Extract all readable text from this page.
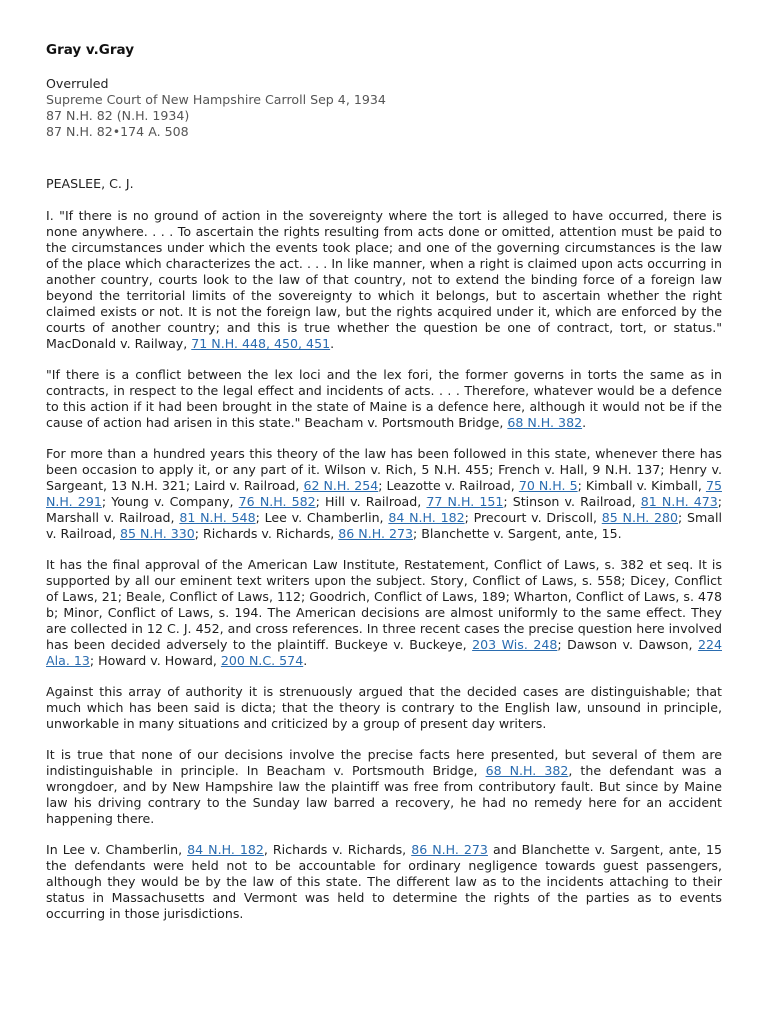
Gray v.Gray
Overruled
Supreme Court of New Hampshire Carroll Sep 4, 1934
87 N.H. 82 (N.H. 1934)
87 N.H. 82•174 A. 508
PEASLEE, C. J.

I. "If there is no ground of action in the sovereignty where the tort is alleged to have occurred, there is none anywhere. . . . To ascertain the rights resulting from acts done or omitted, attention must be paid to the circumstances under which the events took place; and one of the governing circumstances is the law of the place which characterizes the act. . . . In like manner, when a right is claimed upon acts occurring in another country, courts look to the law of that country, not to extend the binding force of a foreign law beyond the territorial limits of the sovereignty to which it belongs, but to ascertain whether the right claimed exists or not. It is not the foreign law, but the rights acquired under it, which are enforced by the courts of another country; and this is true whether the question be one of contract, tort, or status." MacDonald v. Railway, 71 N.H. 448, 450, 451.

"If there is a conflict between the lex loci and the lex fori, the former governs in torts the same as in contracts, in respect to the legal effect and incidents of acts. . . . Therefore, whatever would be a defence to this action if it had been brought in the state of Maine is a defence here, although it would not be if the cause of action had arisen in this state." Beacham v. Portsmouth Bridge, 68 N.H. 382.

For more than a hundred years this theory of the law has been followed in this state, whenever there has been occasion to apply it, or any part of it. Wilson v. Rich, 5 N.H. 455; French v. Hall, 9 N.H. 137; Henry v. Sargeant, 13 N.H. 321; Laird v. Railroad, 62 N.H. 254; Leazotte v. Railroad, 70 N.H. 5; Kimball v. Kimball, 75 N.H. 291; Young v. Company, 76 N.H. 582; Hill v. Railroad, 77 N.H. 151; Stinson v. Railroad, 81 N.H. 473; Marshall v. Railroad, 81 N.H. 548; Lee v. Chamberlin, 84 N.H. 182; Precourt v. Driscoll, 85 N.H. 280; Small v. Railroad, 85 N.H. 330; Richards v. Richards, 86 N.H. 273; Blanchette v. Sargent, ante, 15.

It has the final approval of the American Law Institute, Restatement, Conflict of Laws, s. 382 et seq. It is supported by all our eminent text writers upon the subject. Story, Conflict of Laws, s. 558; Dicey, Conflict of Laws, 21; Beale, Conflict of Laws, 112; Goodrich, Conflict of Laws, 189; Wharton, Conflict of Laws, s. 478 b; Minor, Conflict of Laws, s. 194. The American decisions are almost uniformly to the same effect. They are collected in 12 C. J. 452, and cross references. In three recent cases the precise question here involved has been decided adversely to the plaintiff. Buckeye v. Buckeye, 203 Wis. 248; Dawson v. Dawson, 224 Ala. 13; Howard v. Howard, 200 N.C. 574.

Against this array of authority it is strenuously argued that the decided cases are distinguishable; that much which has been said is dicta; that the theory is contrary to the English law, unsound in principle, unworkable in many situations and criticized by a group of present day writers.

It is true that none of our decisions involve the precise facts here presented, but several of them are indistinguishable in principle. In Beacham v. Portsmouth Bridge, 68 N.H. 382, the defendant was a wrongdoer, and by New Hampshire law the plaintiff was free from contributory fault. But since by Maine law his driving contrary to the Sunday law barred a recovery, he had no remedy here for an accident happening there.

In Lee v. Chamberlin, 84 N.H. 182, Richards v. Richards, 86 N.H. 273 and Blanchette v. Sargent, ante, 15 the defendants were held not to be accountable for ordinary negligence towards guest passengers, although they would be by the law of this state. The different law as to the incidents attaching to their status in Massachusetts and Vermont was held to determine the rights of the parties as to events occurring in those jurisdictions.
